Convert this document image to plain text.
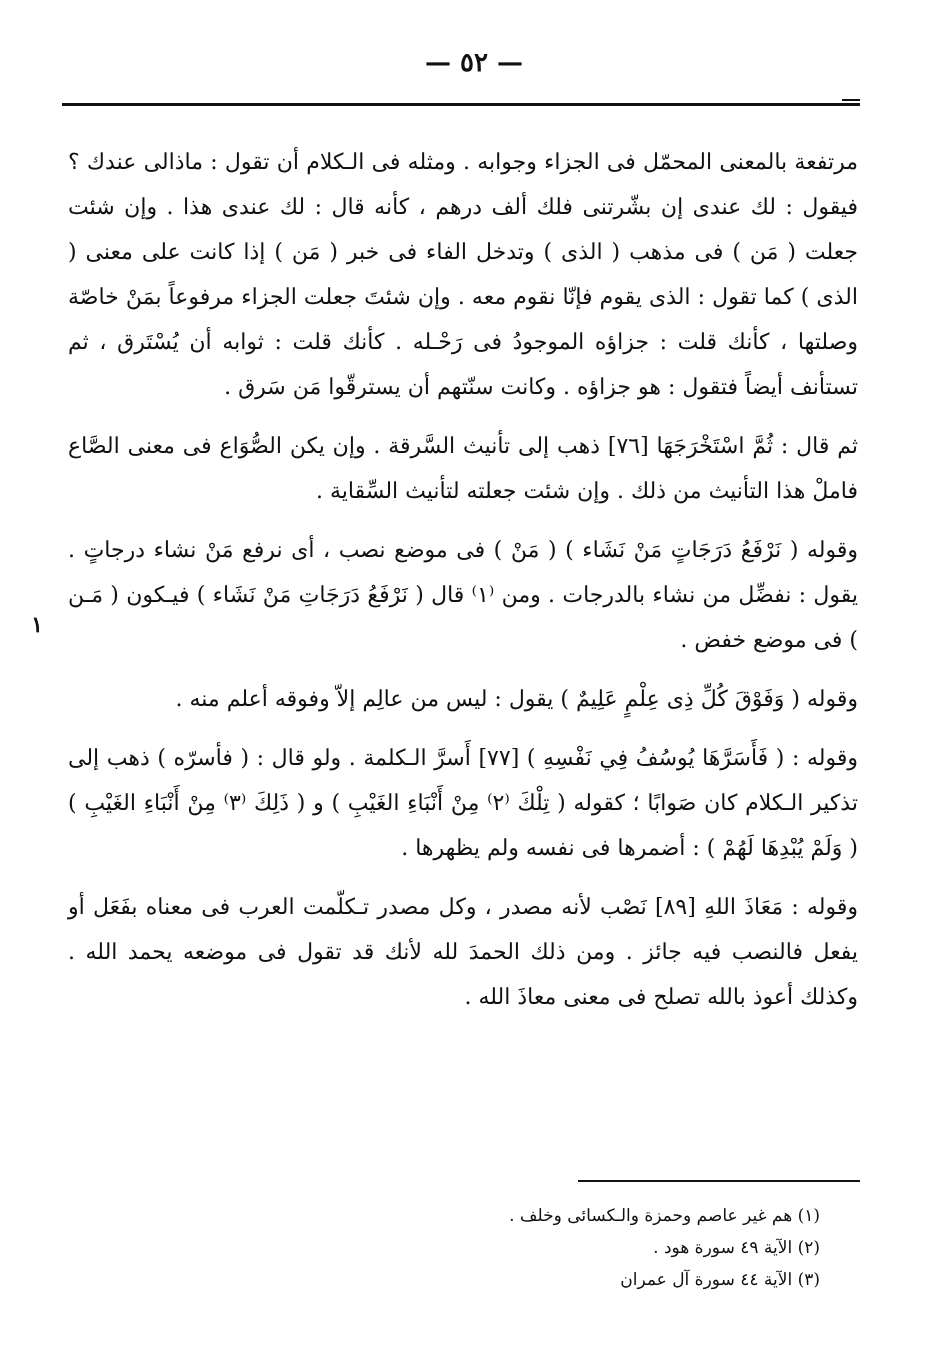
— ٥٢ —
١

مرتفعة بالمعنى المحمّل فى الجزاء وجوابه . ومثله فى الـكلام أن تقول : ماذالى عندك ؟ فيقول : لك عندى إن بشّرتنى فلك ألف درهم ، كأنه قال : لك عندى هذا . وإن شئت جعلت ( مَن ) فى مذهب ( الذى ) وتدخل الفاء فى خبر ( مَن ) إذا كانت على معنى ( الذى ) كما تقول : الذى يقوم فإنّا نقوم معه . وإن شئتَ جعلت الجزاء مرفوعاً بمَنْ خاصّة وصلتها ، كأنك قلت : جزاؤه الموجودُ فى رَحْـله . كأنك قلت : ثوابه أن يُسْتَرق ، ثم تستأنف أيضاً فتقول : هو جزاؤه . وكانت سنّتهم أن يسترقّوا مَن سَرق .

ثم قال : ثُمَّ اسْتَخْرَجَهَا [٧٦] ذهب إلى تأنيث السَّرقة . وإن يكن الصُّوَاع فى معنى الصَّاع فاملْ هذا التأنيث من ذلك . وإن شئت جعلته لتأنيث السِّقاية .

وقوله ( نَرْفَعُ دَرَجَاتٍ مَنْ نَشَاء ) ( مَنْ ) فى موضع نصب ، أى نرفع مَنْ نشاء درجاتٍ . يقول : نفضِّل من نشاء بالدرجات . ومن ⁽١⁾ قال ( نَرْفَعُ دَرَجَاتِ مَنْ نَشَاء ) فيـكون ( مَـن ) فى موضع خفض .

وقوله ( وَفَوْقَ كُلِّ ذِى عِلْمٍ عَلِيمٌ ) يقول : ليس من عالِم إلاّ وفوقه أعلم منه .

وقوله : ( فَأَسَرَّهَا يُوسُفُ فِي نَفْسِهِ ) [٧٧] أَسرَّ الـكلمة . ولو قال : ( فأسرّه ) ذهب إلى تذكير الـكلام كان صَوابًا ؛ كقوله ( تِلْكَ ⁽٢⁾ مِنْ أَنْبَاءِ الغَيْبِ ) و ( ذَلِكَ ⁽٣⁾ مِنْ أَنْبَاءِ الغَيْبِ ) ( وَلَمْ يُبْدِهَا لَهُمْ ) : أضمرها فى نفسه ولم يظهرها .

وقوله : مَعَاذَ اللهِ [٨٩] نَصْب لأنه مصدر ، وكل مصدر تـكلّمت العرب فى معناه بفَعَل أو يفعل فالنصب فيه جائز . ومن ذلك الحمدَ لله لأنك قد تقول فى موضعه يحمد الله . وكذلك أعوذ بالله تصلح فى معنى معاذَ الله .

(١) هم غير عاصم وحمزة والـكسائى وخلف .

(٢) الآية ٤٩ سورة هود .

(٣) الآية ٤٤ سورة آل عمران
